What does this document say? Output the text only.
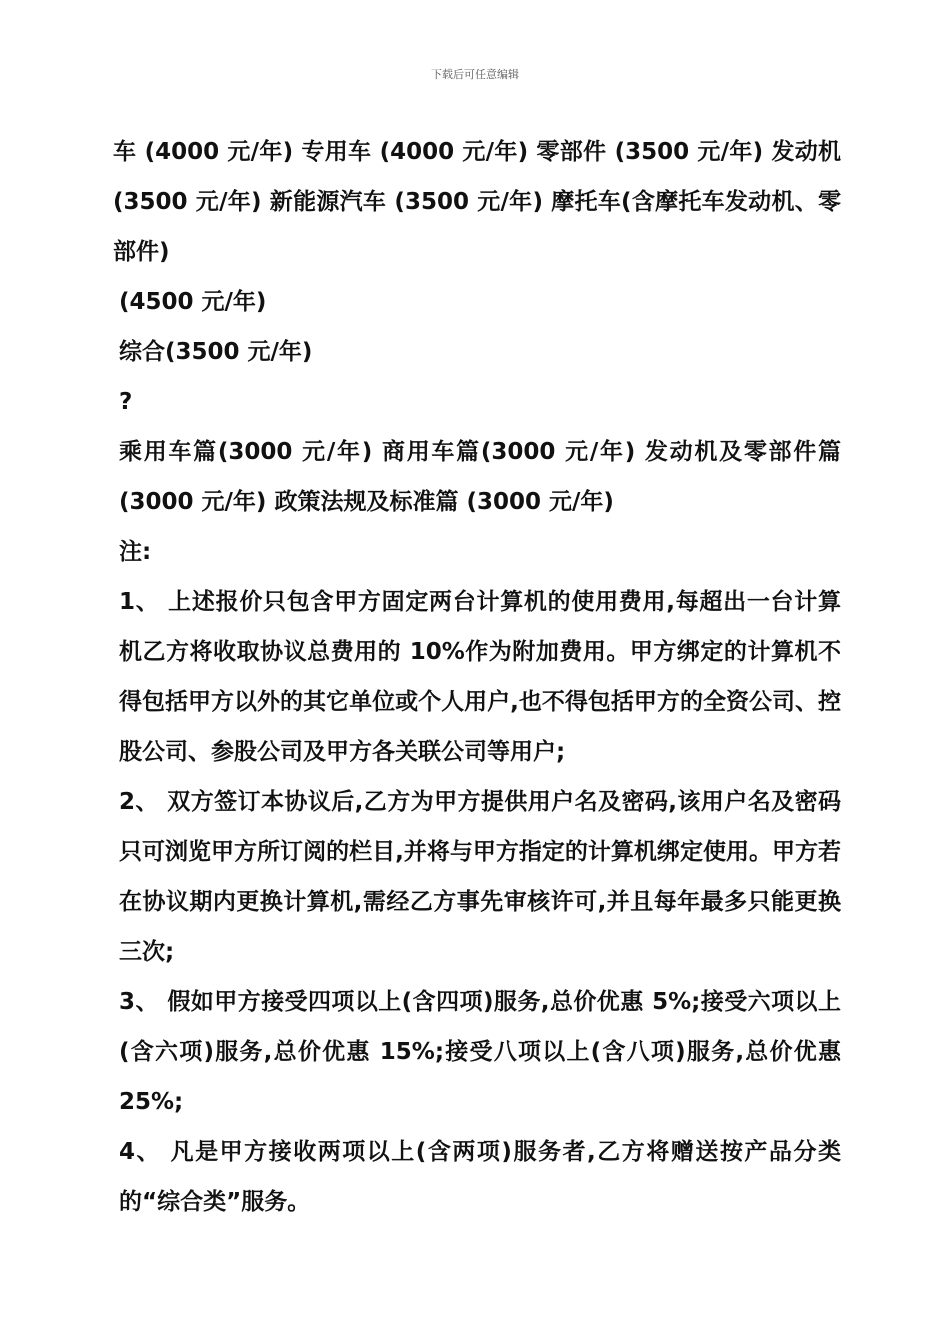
下载后可任意编辑

车 (4000 元/年) 专用车 (4000 元/年) 零部件 (3500 元/年) 发动机 (3500 元/年) 新能源汽车 (3500 元/年) 摩托车(含摩托车发动机、零部件)

(4500 元/年)

综合(3500 元/年)

?

乘用车篇(3000 元/年) 商用车篇(3000 元/年) 发动机及零部件篇 (3000 元/年) 政策法规及标准篇 (3000 元/年)

注:

1、 上述报价只包含甲方固定两台计算机的使用费用,每超出一台计算机乙方将收取协议总费用的 10%作为附加费用。甲方绑定的计算机不得包括甲方以外的其它单位或个人用户,也不得包括甲方的全资公司、控股公司、参股公司及甲方各关联公司等用户;

2、 双方签订本协议后,乙方为甲方提供用户名及密码,该用户名及密码只可浏览甲方所订阅的栏目,并将与甲方指定的计算机绑定使用。甲方若在协议期内更换计算机,需经乙方事先审核许可,并且每年最多只能更换三次;

3、 假如甲方接受四项以上(含四项)服务,总价优惠 5%;接受六项以上(含六项)服务,总价优惠 15%;接受八项以上(含八项)服务,总价优惠 25%;

4、 凡是甲方接收两项以上(含两项)服务者,乙方将赠送按产品分类的“综合类”服务。
